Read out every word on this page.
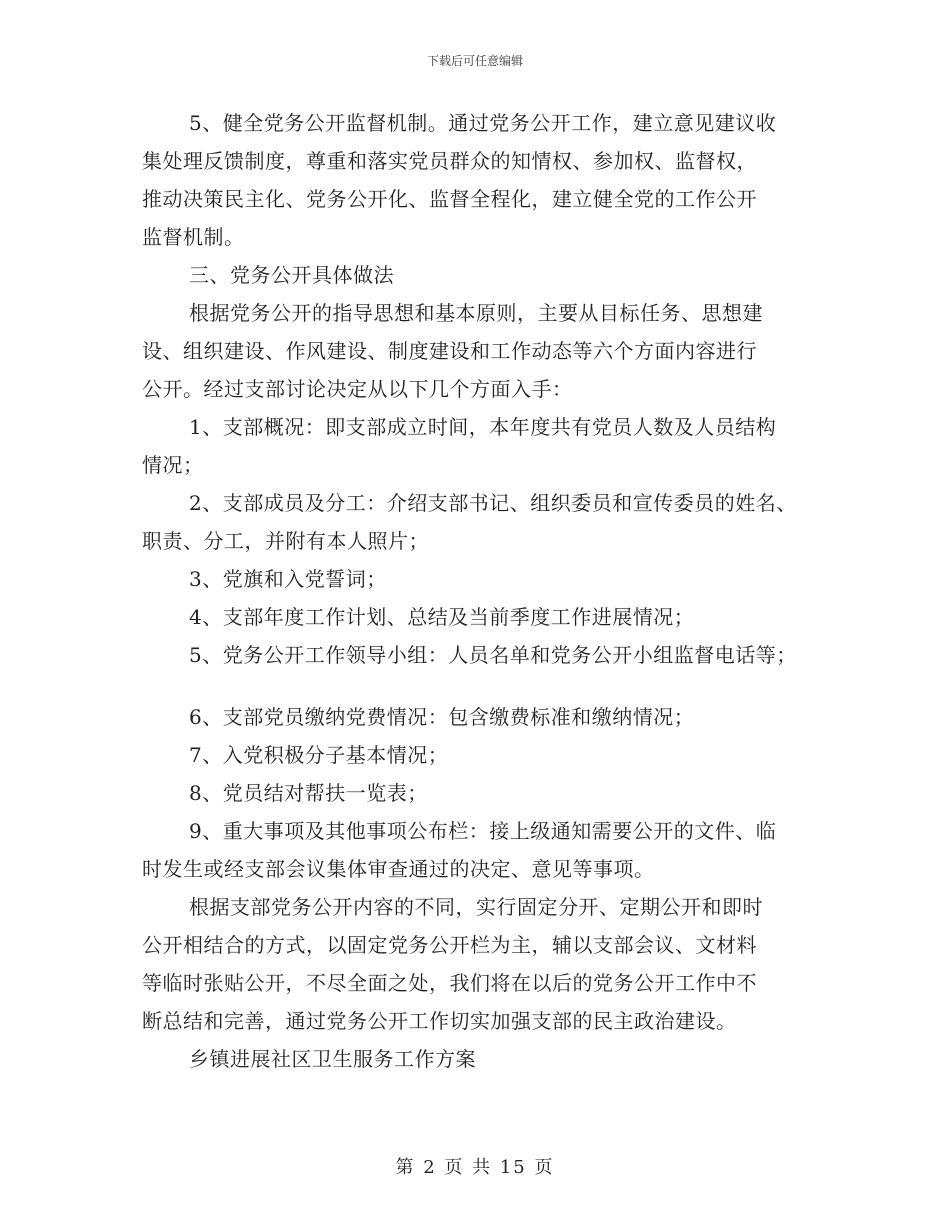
下载后可任意编辑
5、健全党务公开监督机制。通过党务公开工作，建立意见建议收
集处理反馈制度，尊重和落实党员群众的知情权、参加权、监督权，
推动决策民主化、党务公开化、监督全程化，建立健全党的工作公开
监督机制。
三、党务公开具体做法
根据党务公开的指导思想和基本原则，主要从目标任务、思想建
设、组织建设、作风建设、制度建设和工作动态等六个方面内容进行
公开。经过支部讨论决定从以下几个方面入手：
1、支部概况：即支部成立时间，本年度共有党员人数及人员结构
情况；
2、支部成员及分工：介绍支部书记、组织委员和宣传委员的姓名、
职责、分工，并附有本人照片；
3、党旗和入党誓词；
4、支部年度工作计划、总结及当前季度工作进展情况；
5、党务公开工作领导小组：人员名单和党务公开小组监督电话等；
6、支部党员缴纳党费情况：包含缴费标准和缴纳情况；
7、入党积极分子基本情况；
8、党员结对帮扶一览表；
9、重大事项及其他事项公布栏：接上级通知需要公开的文件、临
时发生或经支部会议集体审查通过的决定、意见等事项。
根据支部党务公开内容的不同，实行固定分开、定期公开和即时
公开相结合的方式，以固定党务公开栏为主，辅以支部会议、文材料
等临时张贴公开，不尽全面之处，我们将在以后的党务公开工作中不
断总结和完善，通过党务公开工作切实加强支部的民主政治建设。
乡镇进展社区卫生服务工作方案
第 2 页 共 15 页
